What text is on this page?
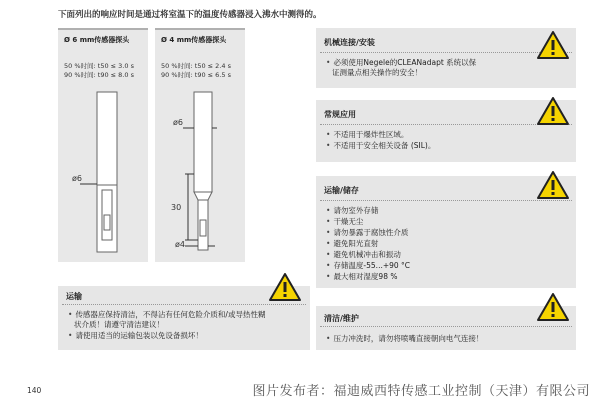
下面列出的响应时间是通过将室温下的温度传感器浸入沸水中测得的。
Ø 6 mm传感器探头
50 %时间: t50 ≤ 3.0 s
90 %时间: t90 ≤ 8.0 s
ø6
Ø 4 mm传感器探头
50 %时间: t50 ≤ 2.4 s
90 %时间: t90 ≤ 6.5 s
ø6
30
ø4
机械连接/安装
• 必须使用Negele的CLEANadapt 系统以保
证测量点相关操作的安全！
常规应用
• 不适用于爆炸性区域。
• 不适用于安全相关设备 (SIL)。
运输/储存
• 请勿室外存储
• 干燥无尘
• 请勿暴露于腐蚀性介质
• 避免阳光直射
• 避免机械冲击和振动
• 存储温度-55...+90 °C
• 最大相对湿度98 %
清洁/维护
• 压力冲洗时，请勿将喷嘴直接朝向电气连接！
运输
• 传感器应保持清洁，不得沾有任何危险介质和/或导热性糊
状介质！请遵守清洁建议！
• 请使用适当的运输包装以免设备损坏！
140	图片发布者：福迪威西特传感工业控制（天津）有限公司
